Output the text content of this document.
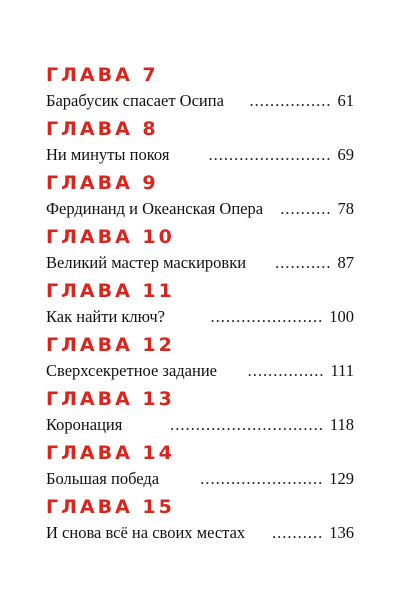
ГЛАВА 7
Барабусик спасает Осипа	................ 61
ГЛАВА 8
Ни минуты покоя	........................ 69
ГЛАВА 9
Фердинанд и Океанская Опера	.......... 78
ГЛАВА 10
Великий мастер маскировки	........... 87
ГЛАВА 11
Как найти ключ?	...................... 100
ГЛАВА 12
Сверхсекретное задание	............... 111
ГЛАВА 13
Коронация	.............................. 118
ГЛАВА 14
Большая победа	........................ 129
ГЛАВА 15
И снова всё на своих местах	.......... 136
